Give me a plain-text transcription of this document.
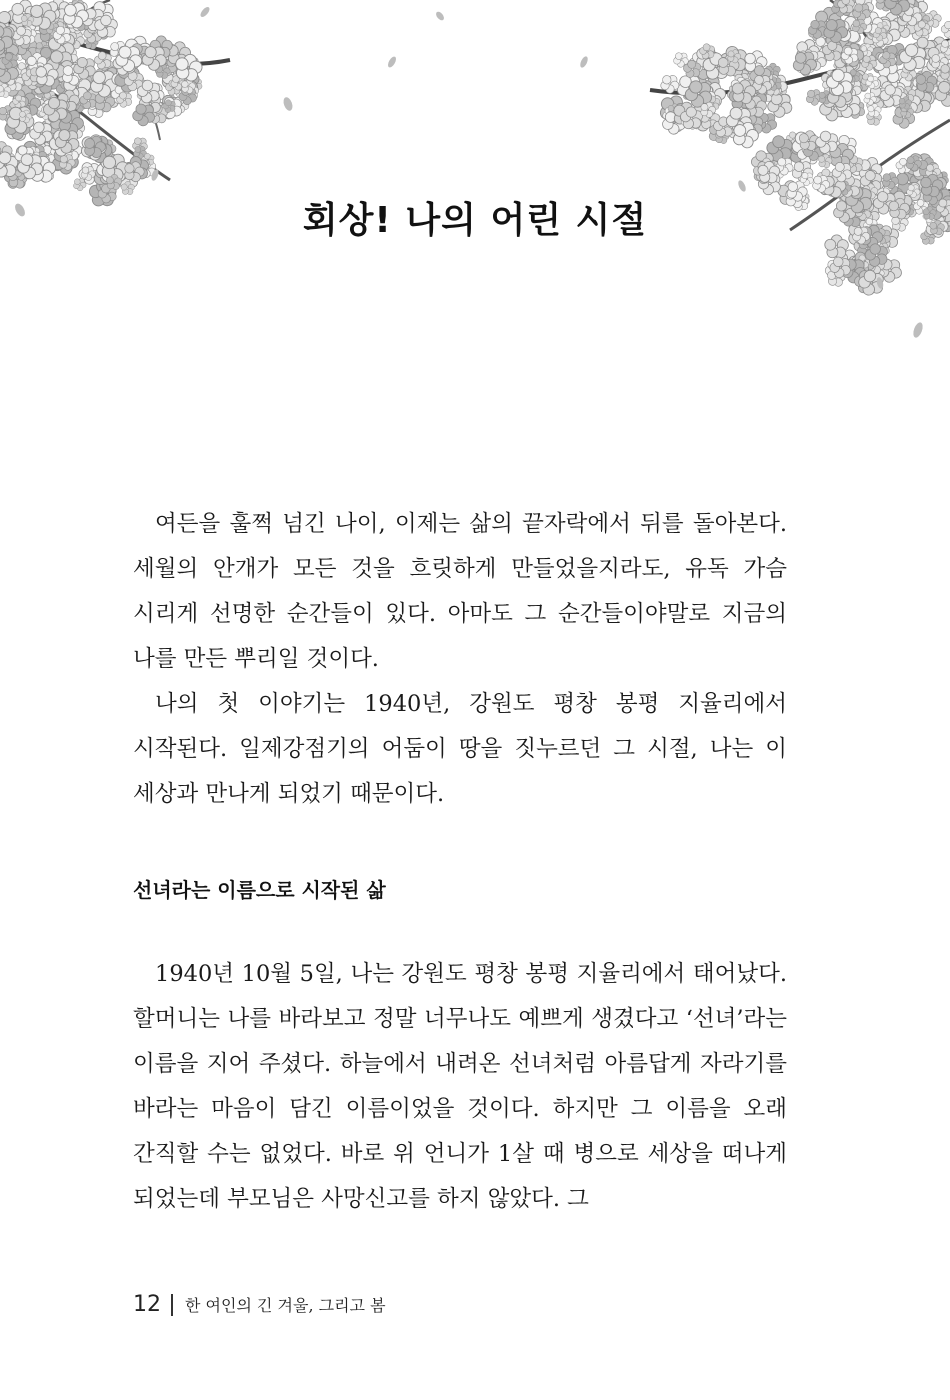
회상! 나의 어린 시절

여든을 훌쩍 넘긴 나이, 이제는 삶의 끝자락에서 뒤를 돌아본다. 세월의 안개가 모든 것을 흐릿하게 만들었을지라도, 유독 가슴 시리게 선명한 순간들이 있다. 아마도 그 순간들이야말로 지금의 나를 만든 뿌리일 것이다.

나의 첫 이야기는 1940년, 강원도 평창 봉평 지율리에서 시작된다. 일제강점기의 어둠이 땅을 짓누르던 그 시절, 나는 이 세상과 만나게 되었기 때문이다.

선녀라는 이름으로 시작된 삶

1940년 10월 5일, 나는 강원도 평창 봉평 지율리에서 태어났다. 할머니는 나를 바라보고 정말 너무나도 예쁘게 생겼다고 ‘선녀’라는 이름을 지어 주셨다. 하늘에서 내려온 선녀처럼 아름답게 자라기를 바라는 마음이 담긴 이름이었을 것이다. 하지만 그 이름을 오래 간직할 수는 없었다. 바로 위 언니가 1살 때 병으로 세상을 떠나게 되었는데 부모님은 사망신고를 하지 않았다. 그

12 한 여인의 긴 겨울, 그리고 봄
